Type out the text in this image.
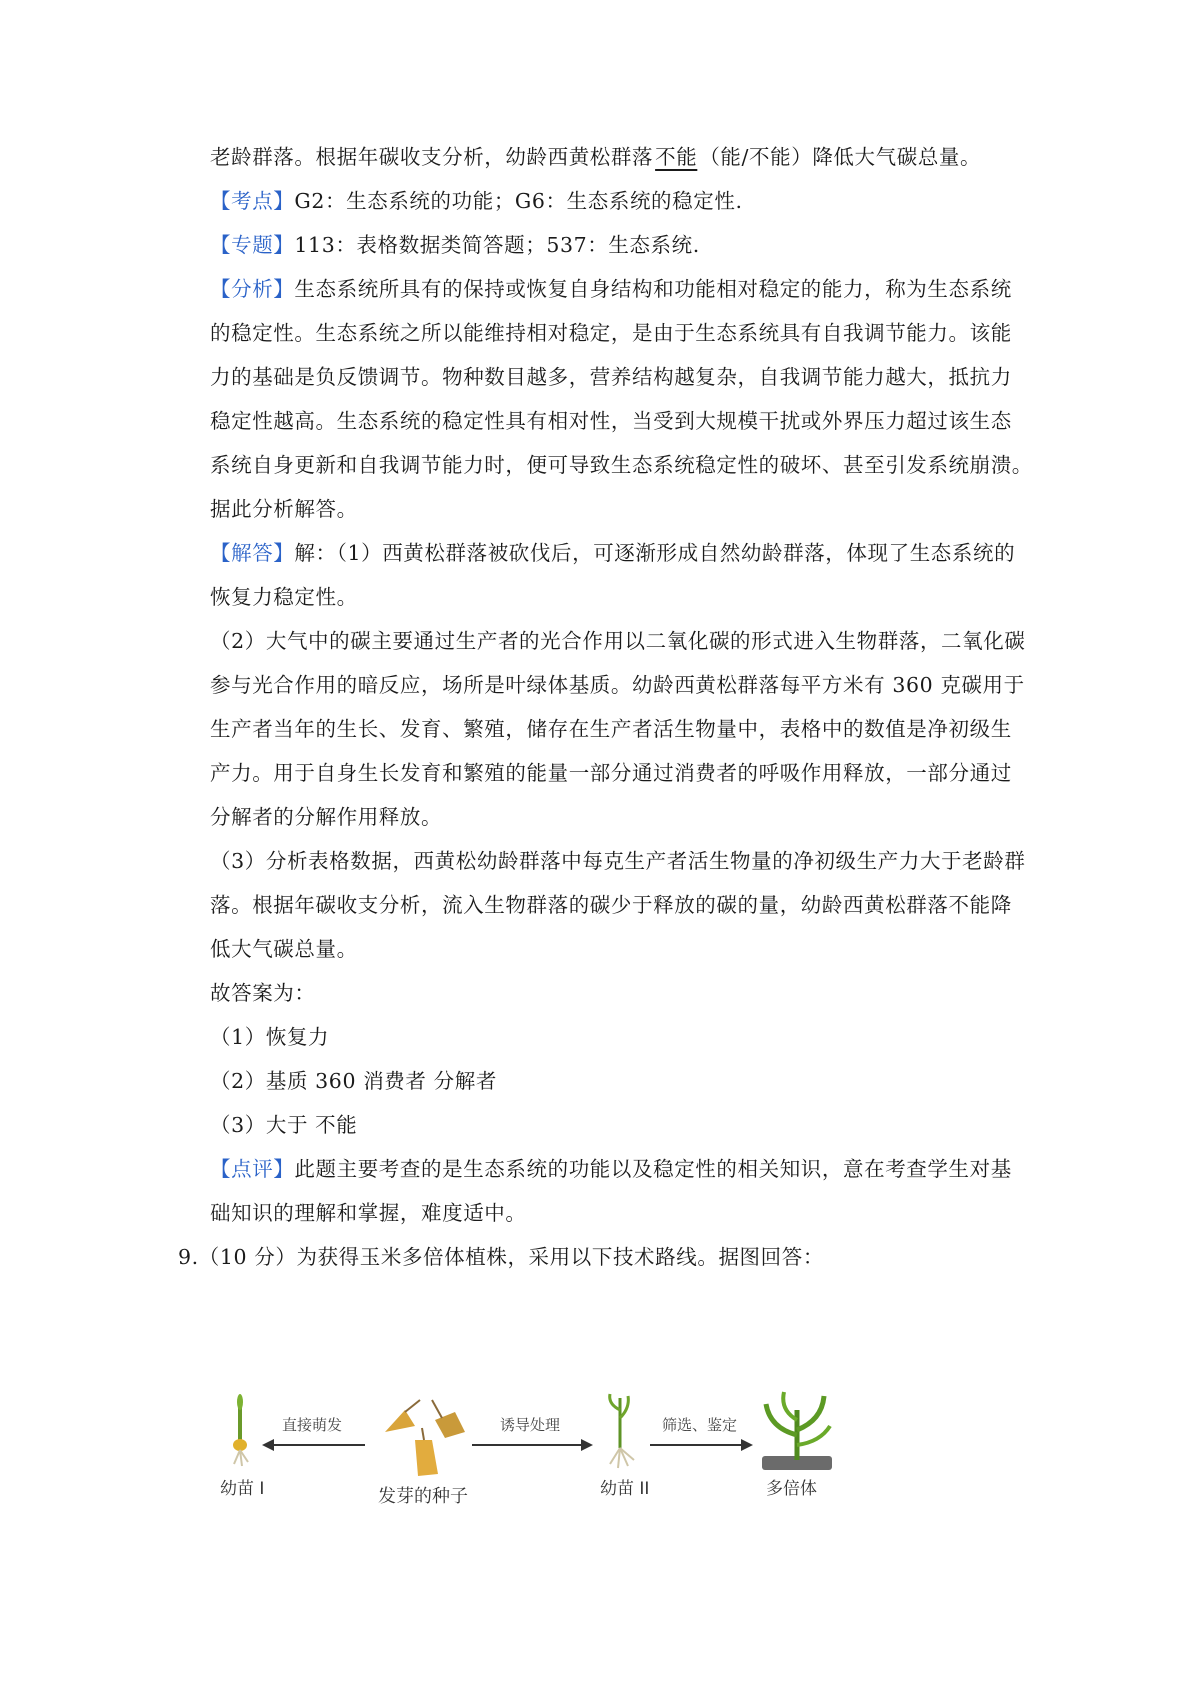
老龄群落。根据年碳收支分析，幼龄西黄松群落不能（能/不能）降低大气碳总量。
【考点】G2：生态系统的功能；G6：生态系统的稳定性.
【专题】113：表格数据类简答题；537：生态系统.
【分析】生态系统所具有的保持或恢复自身结构和功能相对稳定的能力，称为生态系统
的稳定性。生态系统之所以能维持相对稳定，是由于生态系统具有自我调节能力。该能
力的基础是负反馈调节。物种数目越多，营养结构越复杂，自我调节能力越大，抵抗力
稳定性越高。生态系统的稳定性具有相对性，当受到大规模干扰或外界压力超过该生态
系统自身更新和自我调节能力时，便可导致生态系统稳定性的破坏、甚至引发系统崩溃。
据此分析解答。
【解答】解：（1）西黄松群落被砍伐后，可逐渐形成自然幼龄群落，体现了生态系统的
恢复力稳定性。
（2）大气中的碳主要通过生产者的光合作用以二氧化碳的形式进入生物群落，二氧化碳
参与光合作用的暗反应，场所是叶绿体基质。幼龄西黄松群落每平方米有 360 克碳用于
生产者当年的生长、发育、繁殖，储存在生产者活生物量中，表格中的数值是净初级生
产力。用于自身生长发育和繁殖的能量一部分通过消费者的呼吸作用释放，一部分通过
分解者的分解作用释放。
（3）分析表格数据，西黄松幼龄群落中每克生产者活生物量的净初级生产力大于老龄群
落。根据年碳收支分析，流入生物群落的碳少于释放的碳的量，幼龄西黄松群落不能降
低大气碳总量。
故答案为：
（1）恢复力
（2）基质 360 消费者 分解者
（3）大于 不能
【点评】此题主要考查的是生态系统的功能以及稳定性的相关知识，意在考查学生对基
础知识的理解和掌握，难度适中。
9.（10 分）为获得玉米多倍体植株，采用以下技术路线。据图回答：
直接萌发	诱导处理	筛选、鉴定
幼苗 I	发芽的种子	幼苗 II	多倍体
